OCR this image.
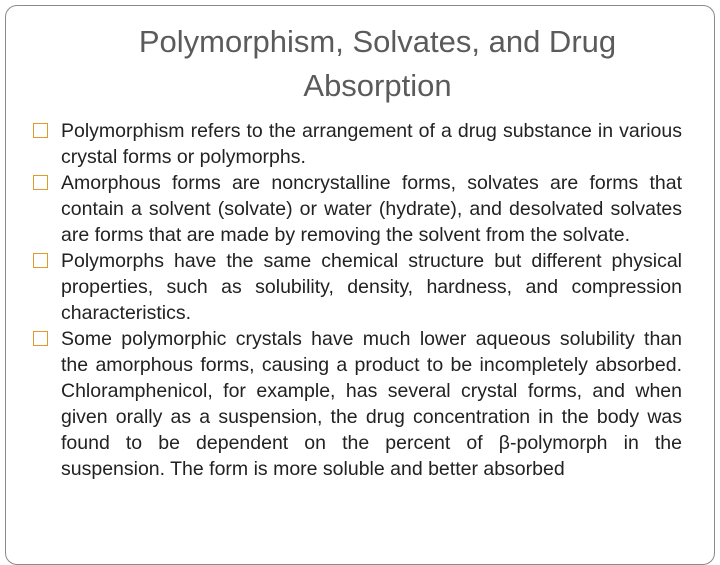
Polymorphism, Solvates, and Drug
Absorption

Polymorphism refers to the arrangement of a drug substance in various crystal forms or polymorphs.

Amorphous forms are noncrystalline forms, solvates are forms that contain a solvent (solvate) or water (hydrate), and desolvated solvates are forms that are made by removing the solvent from the solvate.

Polymorphs have the same chemical structure but different physical properties, such as solubility, density, hardness, and compression characteristics.

Some polymorphic crystals have much lower aqueous solubility than the amorphous forms, causing a product to be incompletely absorbed. Chloramphenicol, for example, has several crystal forms, and when given orally as a suspension, the drug concentration in the body was found to be dependent on the percent of β-polymorph in the suspension. The form is more soluble and better absorbed
